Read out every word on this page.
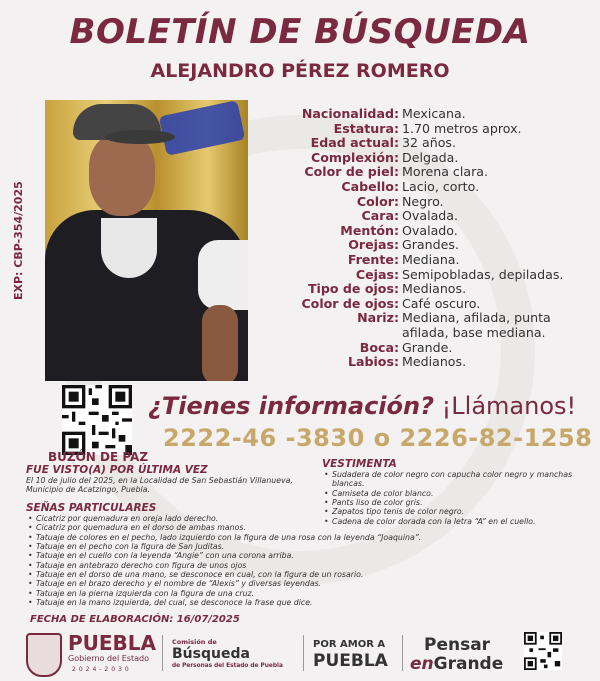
BOLETÍN DE BÚSQUEDA
ALEJANDRO PÉREZ ROMERO
EXP: CBP-354/2025
Nacionalidad: Mexicana.
Estatura: 1.70 metros aprox.
Edad actual: 32 años.
Complexión: Delgada.
Color de piel: Morena clara.
Cabello: Lacio, corto.
Color: Negro.
Cara: Ovalada.
Mentón: Ovalado.
Orejas: Grandes.
Frente: Mediana.
Cejas: Semipobladas, depiladas.
Tipo de ojos: Medianos.
Color de ojos: Café oscuro.
Nariz: Mediana, afilada, punta afilada, base mediana.
Boca: Grande.
Labios: Medianos.
BUZÓN DE PAZ
¿Tienes información? ¡Llámanos!
2222-46 -3830 o 2226-82-1258
FUE VISTO(A) POR ÚLTIMA VEZ
El 10 de julio del 2025, en la Localidad de San Sebastián Villanueva, Municipio de Acatzingo, Puebla.
SEÑAS PARTICULARES
• Cicatriz por quemadura en oreja lado derecho.
• Cicatriz por quemadura en el dorso de ambas manos.
• Tatuaje de colores en el pecho, lado izquierdo con la figura de una rosa con la leyenda “Joaquina”.
• Tatuaje en el pecho con la figura de San Juditas.
• Tatuaje en el cuello con la leyenda “Angie” con una corona arriba.
• Tatuaje en antebrazo derecho con figura de unos ojos
• Tatuaje en el dorso de una mano, se desconoce en cual, con la figura de un rosario.
• Tatuaje en el brazo derecho y el nombre de “Alexis” y diversas leyendas.
• Tatuaje en la pierna izquierda con la figura de una cruz.
• Tatuaje en la mano izquierda, del cual, se desconoce la frase que dice.
VESTIMENTA
• Sudadera de color negro con capucha color negro y manchas blancas.
• Camiseta de color blanco.
• Pants liso de color gris.
• Zapatos tipo tenis de color negro.
• Cadena de color dorada con la letra “A” en el cuello.
FECHA DE ELABORACIÓN: 16/07/2025
PUEBLA
Gobierno del Estado
2024-2030
Comisión de
Búsqueda
de Personas del Estado de Puebla
POR AMOR A
PUEBLA
Pensar
enGrande
